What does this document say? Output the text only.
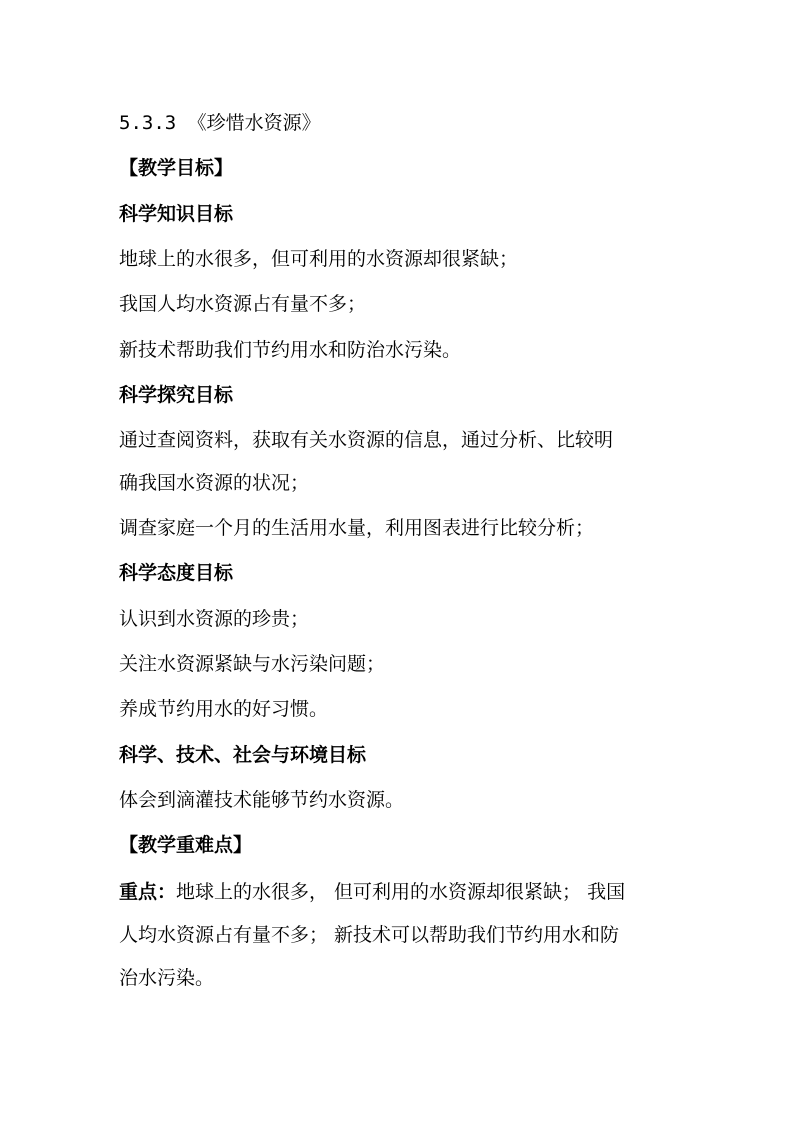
5.3.3 《珍惜水资源》
【教学目标】
科学知识目标
地球上的水很多，但可利用的水资源却很紧缺；
我国人均水资源占有量不多；
新技术帮助我们节约用水和防治水污染。
科学探究目标
通过查阅资料，获取有关水资源的信息，通过分析、比较明
确我国水资源的状况；
调查家庭一个月的生活用水量，利用图表进行比较分析；
科学态度目标
认识到水资源的珍贵；
关注水资源紧缺与水污染问题；
养成节约用水的好习惯。
科学、技术、社会与环境目标
体会到滴灌技术能够节约水资源。
【教学重难点】
重点：地球上的水很多， 但可利用的水资源却很紧缺； 我国
人均水资源占有量不多； 新技术可以帮助我们节约用水和防
治水污染。
